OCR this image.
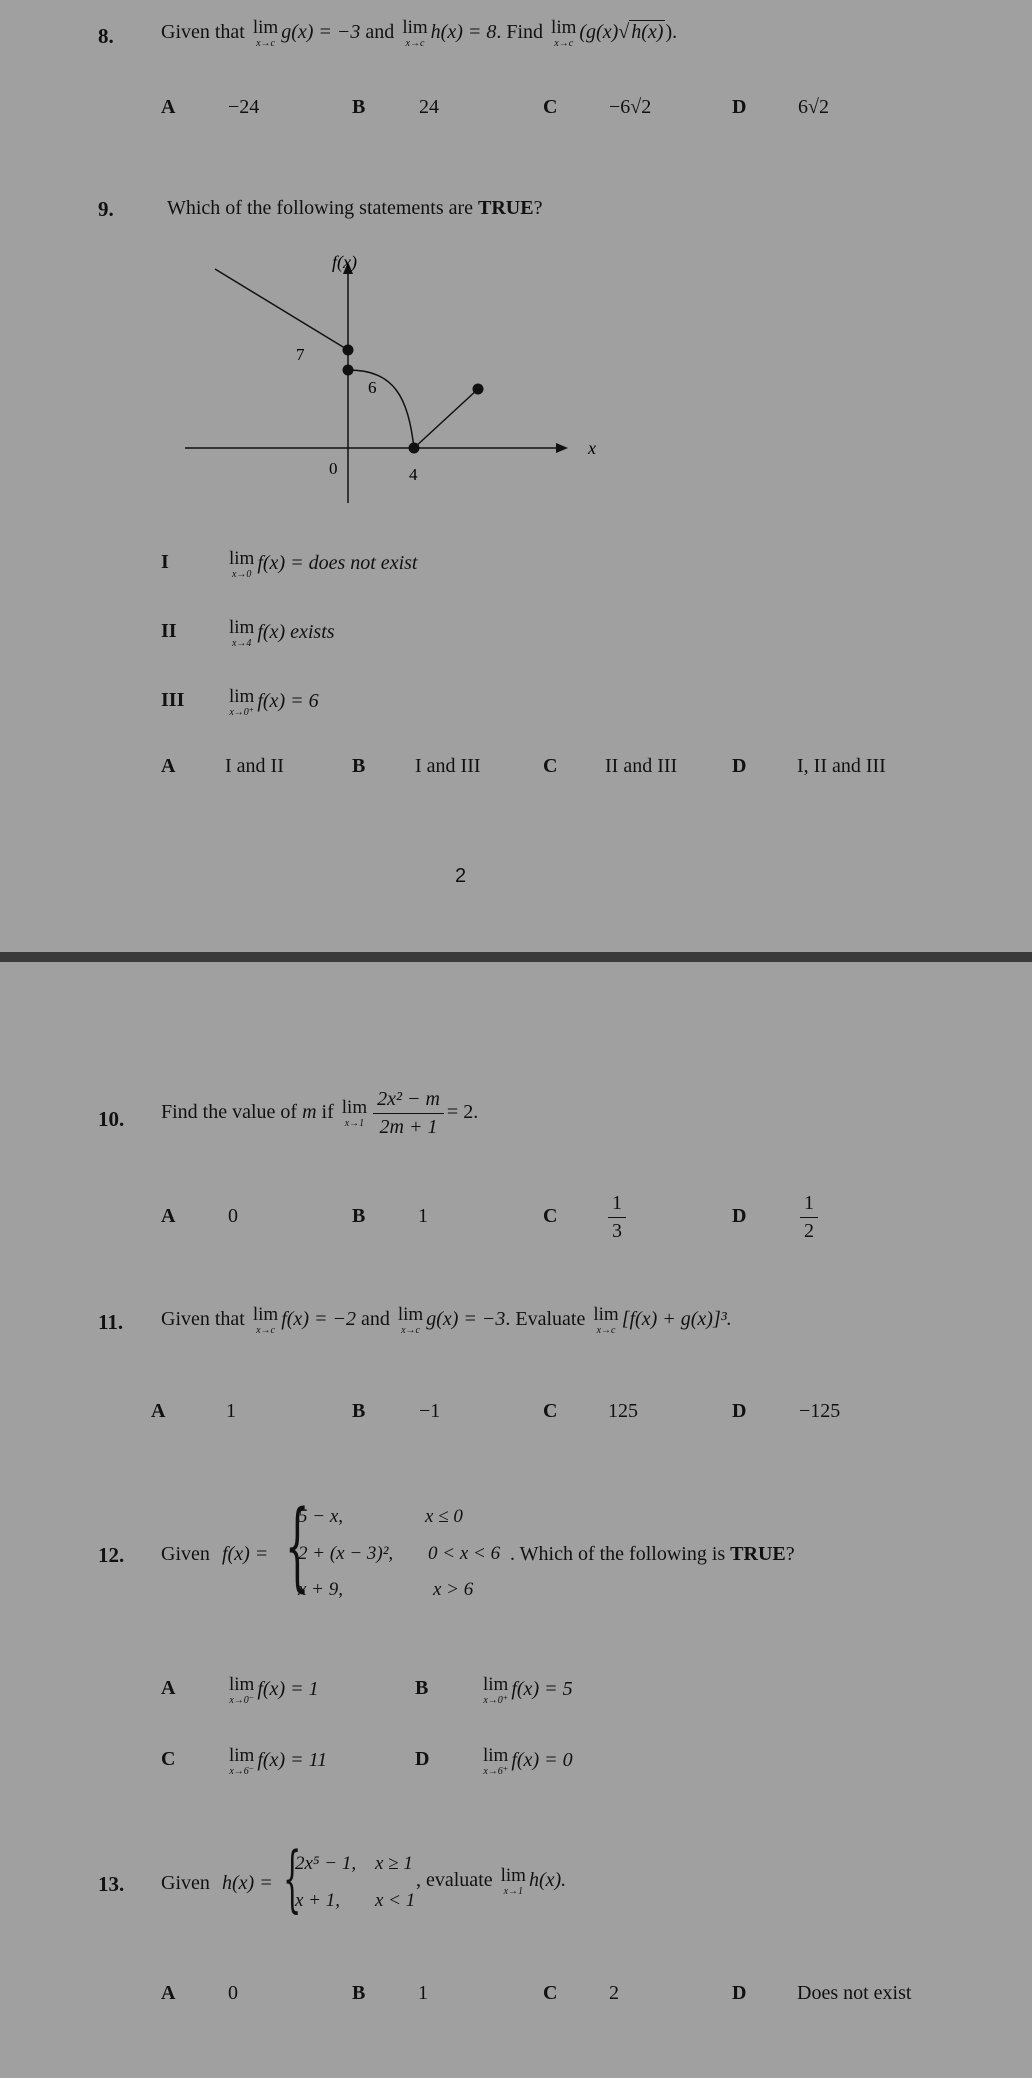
8. Given that lim
x→c
g(x) = −3 and lim
x→c
h(x) = 8. Find lim
x→c
(g(x)√ h(x) ).
A	−24	B	24	C	−6√2	D	6√2
9.	Which of the following statements are TRUE?
f(x)
7
6
0	4
x
I	lim
x→0
f(x) = does not exist
II	lim
x→4
f(x) exists
III lim
x→0⁺
f(x) = 6
A I and II	B I and III	C II and III	D	I, II and III
2
10. Find the value of m if lim
$x\to 1 \frac{\text{2x² − m}}{2m + 1} = 2$.
A	0	B	1	C	$\frac{1}{3}$	D	$\frac{1}{2}$
11. Given that lim
x→c
f(x) = −2 and lim
x→c
g(x) = −3. Evaluate lim
x→c
[f(x) + g(x)]³.
A	1	B	−1	C	125	D	−125
12. Given f(x) = {
5 − x,	x ≤ 0
2 + (x − 3)², 0 < x < 6
x + 9,	x > 6
. Which of the following is TRUE?
A	lim
x→0⁻
f(x) = 1	B	lim
x→0⁺
f(x) = 5
C	lim
x→6⁻
f(x) = 11	D	lim
x→6⁺
f(x) = 0
13. Given h(x) = {
2x⁵ − 1, x ≥ 1
x + 1, x < 1
, evaluate lim
x→1
h(x).
A	0	B	1	C	2	D	Does not exist
